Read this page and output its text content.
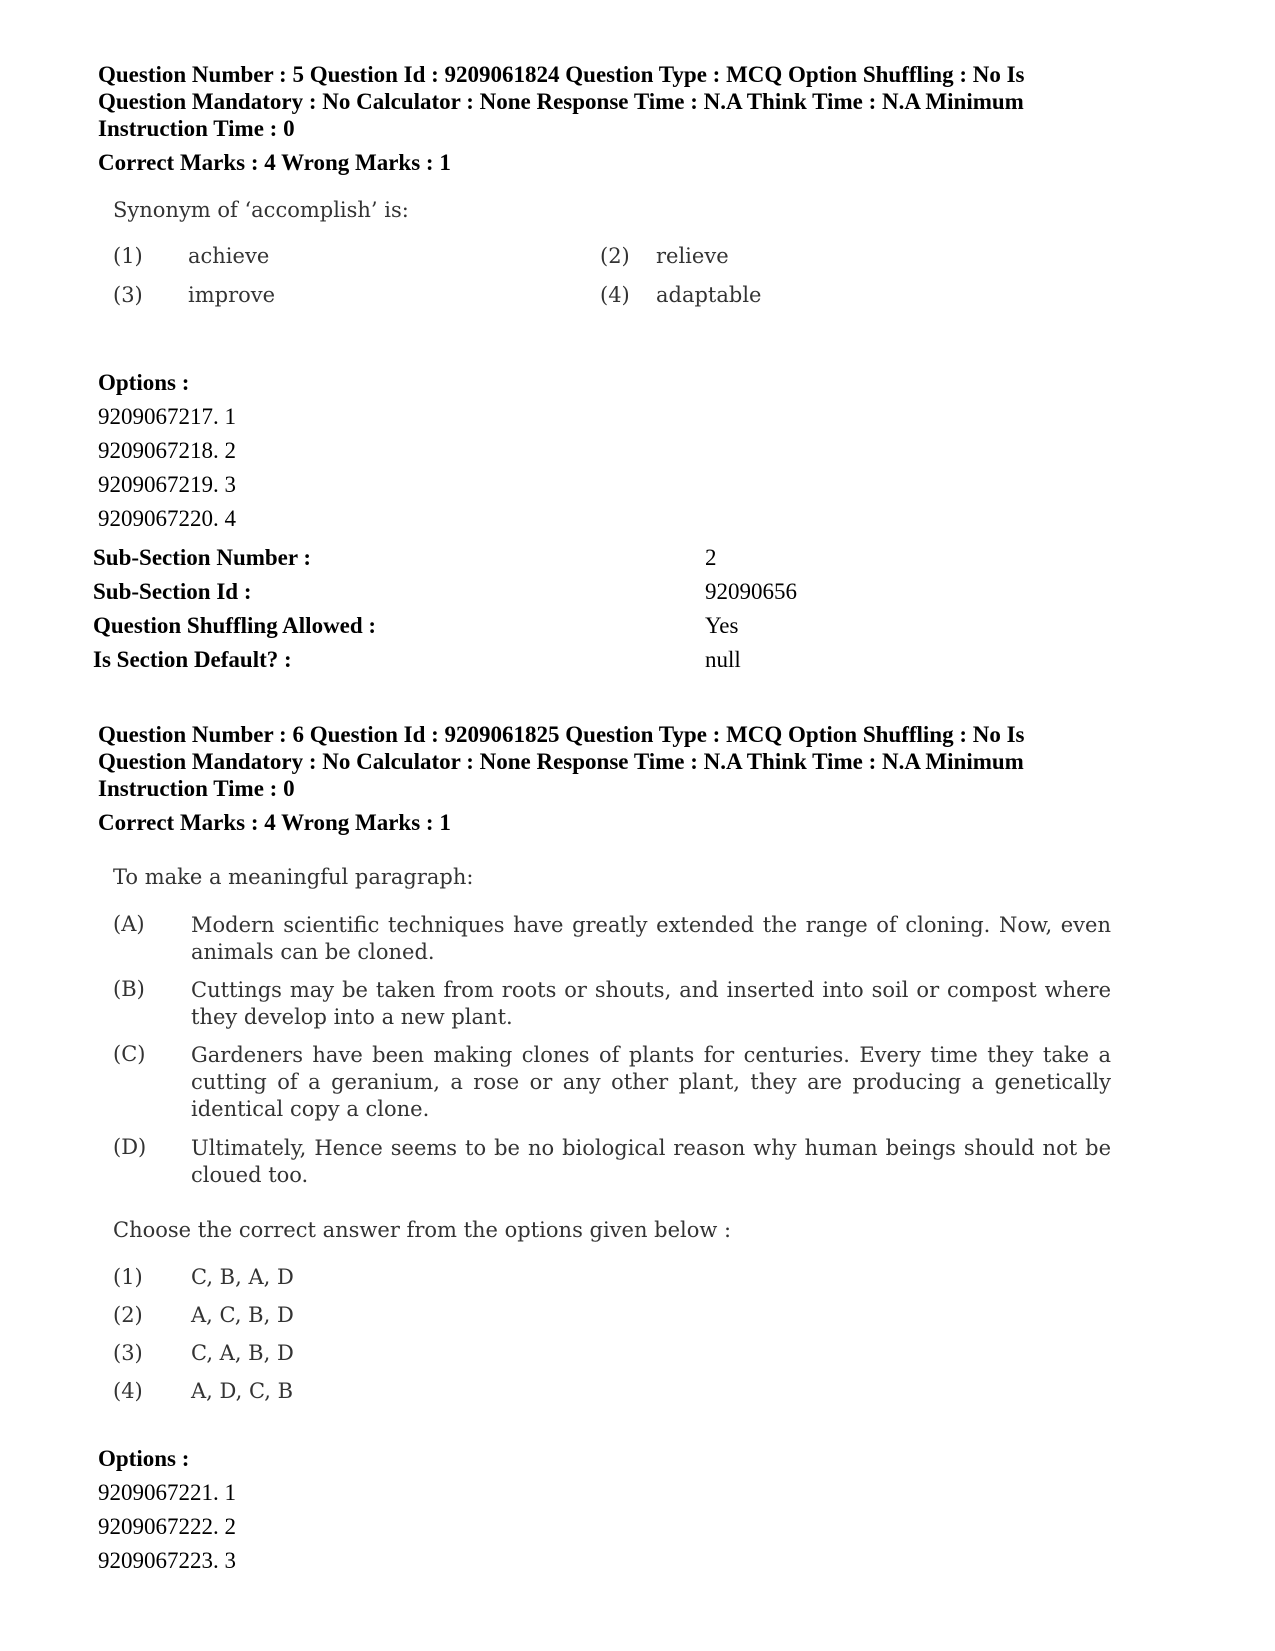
Question Number : 5 Question Id : 9209061824 Question Type : MCQ Option Shuffling : No Is Question Mandatory : No Calculator : None Response Time : N.A Think Time : N.A Minimum Instruction Time : 0
Correct Marks : 4 Wrong Marks : 1
Synonym of ‘accomplish’ is:
(1)	achieve	(2)	relieve
(3)	improve	(4)	adaptable
Options :
9209067217. 1
9209067218. 2
9209067219. 3
9209067220. 4
Sub-Section Number :	2
Sub-Section Id :	92090656
Question Shuffling Allowed :	Yes
Is Section Default? :	null
Question Number : 6 Question Id : 9209061825 Question Type : MCQ Option Shuffling : No Is Question Mandatory : No Calculator : None Response Time : N.A Think Time : N.A Minimum Instruction Time : 0
Correct Marks : 4 Wrong Marks : 1
To make a meaningful paragraph:
(A)	Modern scientific techniques have greatly extended the range of cloning. Now, even animals can be cloned.
(B)	Cuttings may be taken from roots or shouts, and inserted into soil or compost where they develop into a new plant.
(C)	Gardeners have been making clones of plants for centuries. Every time they take a cutting of a geranium, a rose or any other plant, they are producing a genetically identical copy a clone.
(D)	Ultimately, Hence seems to be no biological reason why human beings should not be cloued too.
Choose the correct answer from the options given below :
(1)	C, B, A, D
(2)	A, C, B, D
(3)	C, A, B, D
(4)	A, D, C, B
Options :
9209067221. 1
9209067222. 2
9209067223. 3
